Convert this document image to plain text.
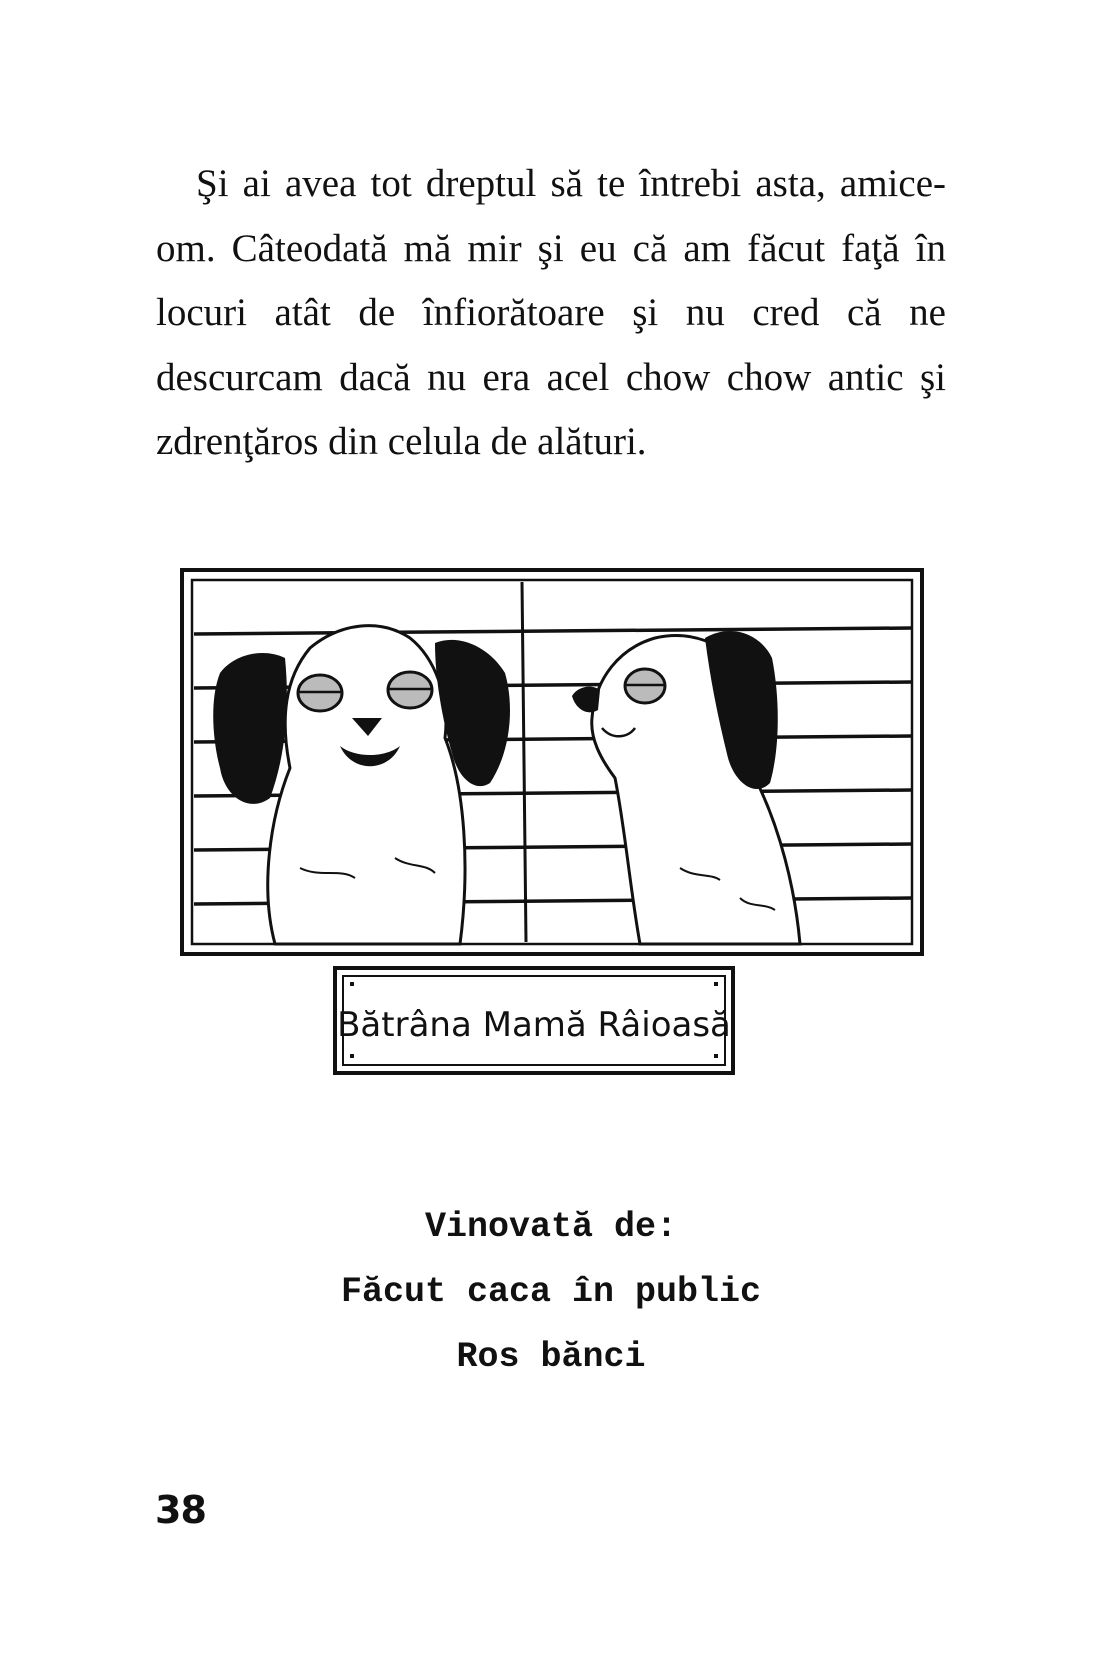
Şi ai avea tot dreptul să te întrebi asta, amice-om. Câteodată mă mir şi eu că am făcut faţă în locuri atât de înfiorătoare şi nu cred că ne descurcam dacă nu era acel chow chow antic şi zdrenţăros din celula de alături.

Bătrâna Mamă Râioasă
Vinovată de:
Făcut caca în public
Ros bănci
38
